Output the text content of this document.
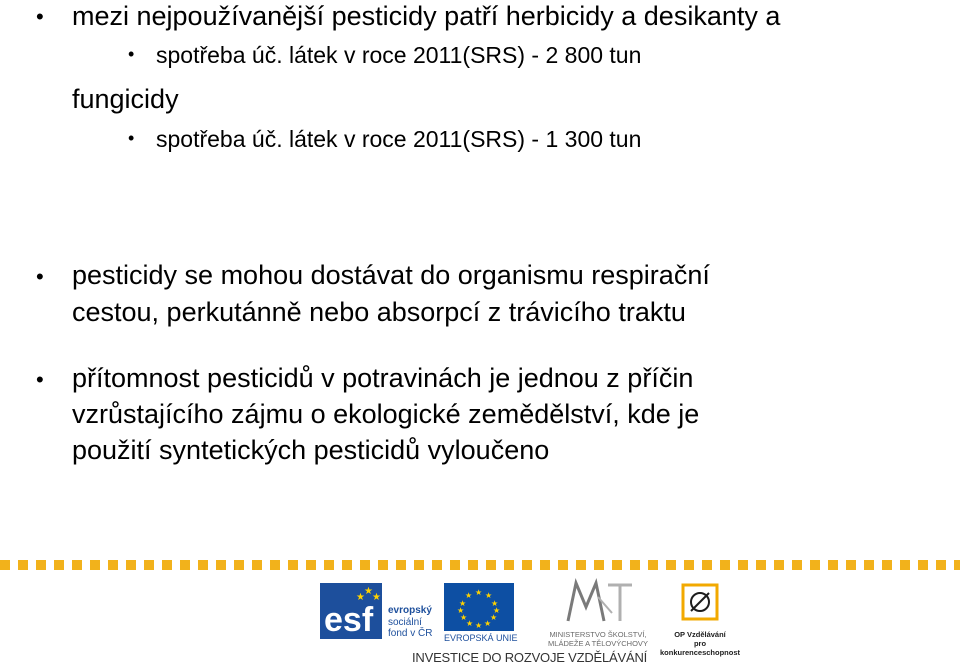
• mezi nejpoužívanější pesticidy patří herbicidy a desikanty a
• spotřeba úč. látek v roce 2011(SRS) - 2 800 tun
fungicidy
• spotřeba úč. látek v roce 2011(SRS) - 1 300 tun
• pesticidy se mohou dostávat do organismu respirační
cestou, perkutánně nebo absorpcí z trávicího traktu
• přítomnost pesticidů v potravinách je jednou z příčin
vzrůstajícího zájmu o ekologické zemědělství, kde je
použití syntetických pesticidů vyloučeno
esf
★
★
★
evropský
sociální
fond v ČR
★ ★
★
★
★
★
★
★
★
★
★
★
EVROPSKÁ UNIE	MINISTERSTVO ŠKOLSTVÍ,
MLÁDEŽE A TĚLOVÝCHOVY
OP Vzdělávání
pro konkurenceschopnost
INVESTICE DO ROZVOJE VZDĚLÁVÁNÍ
